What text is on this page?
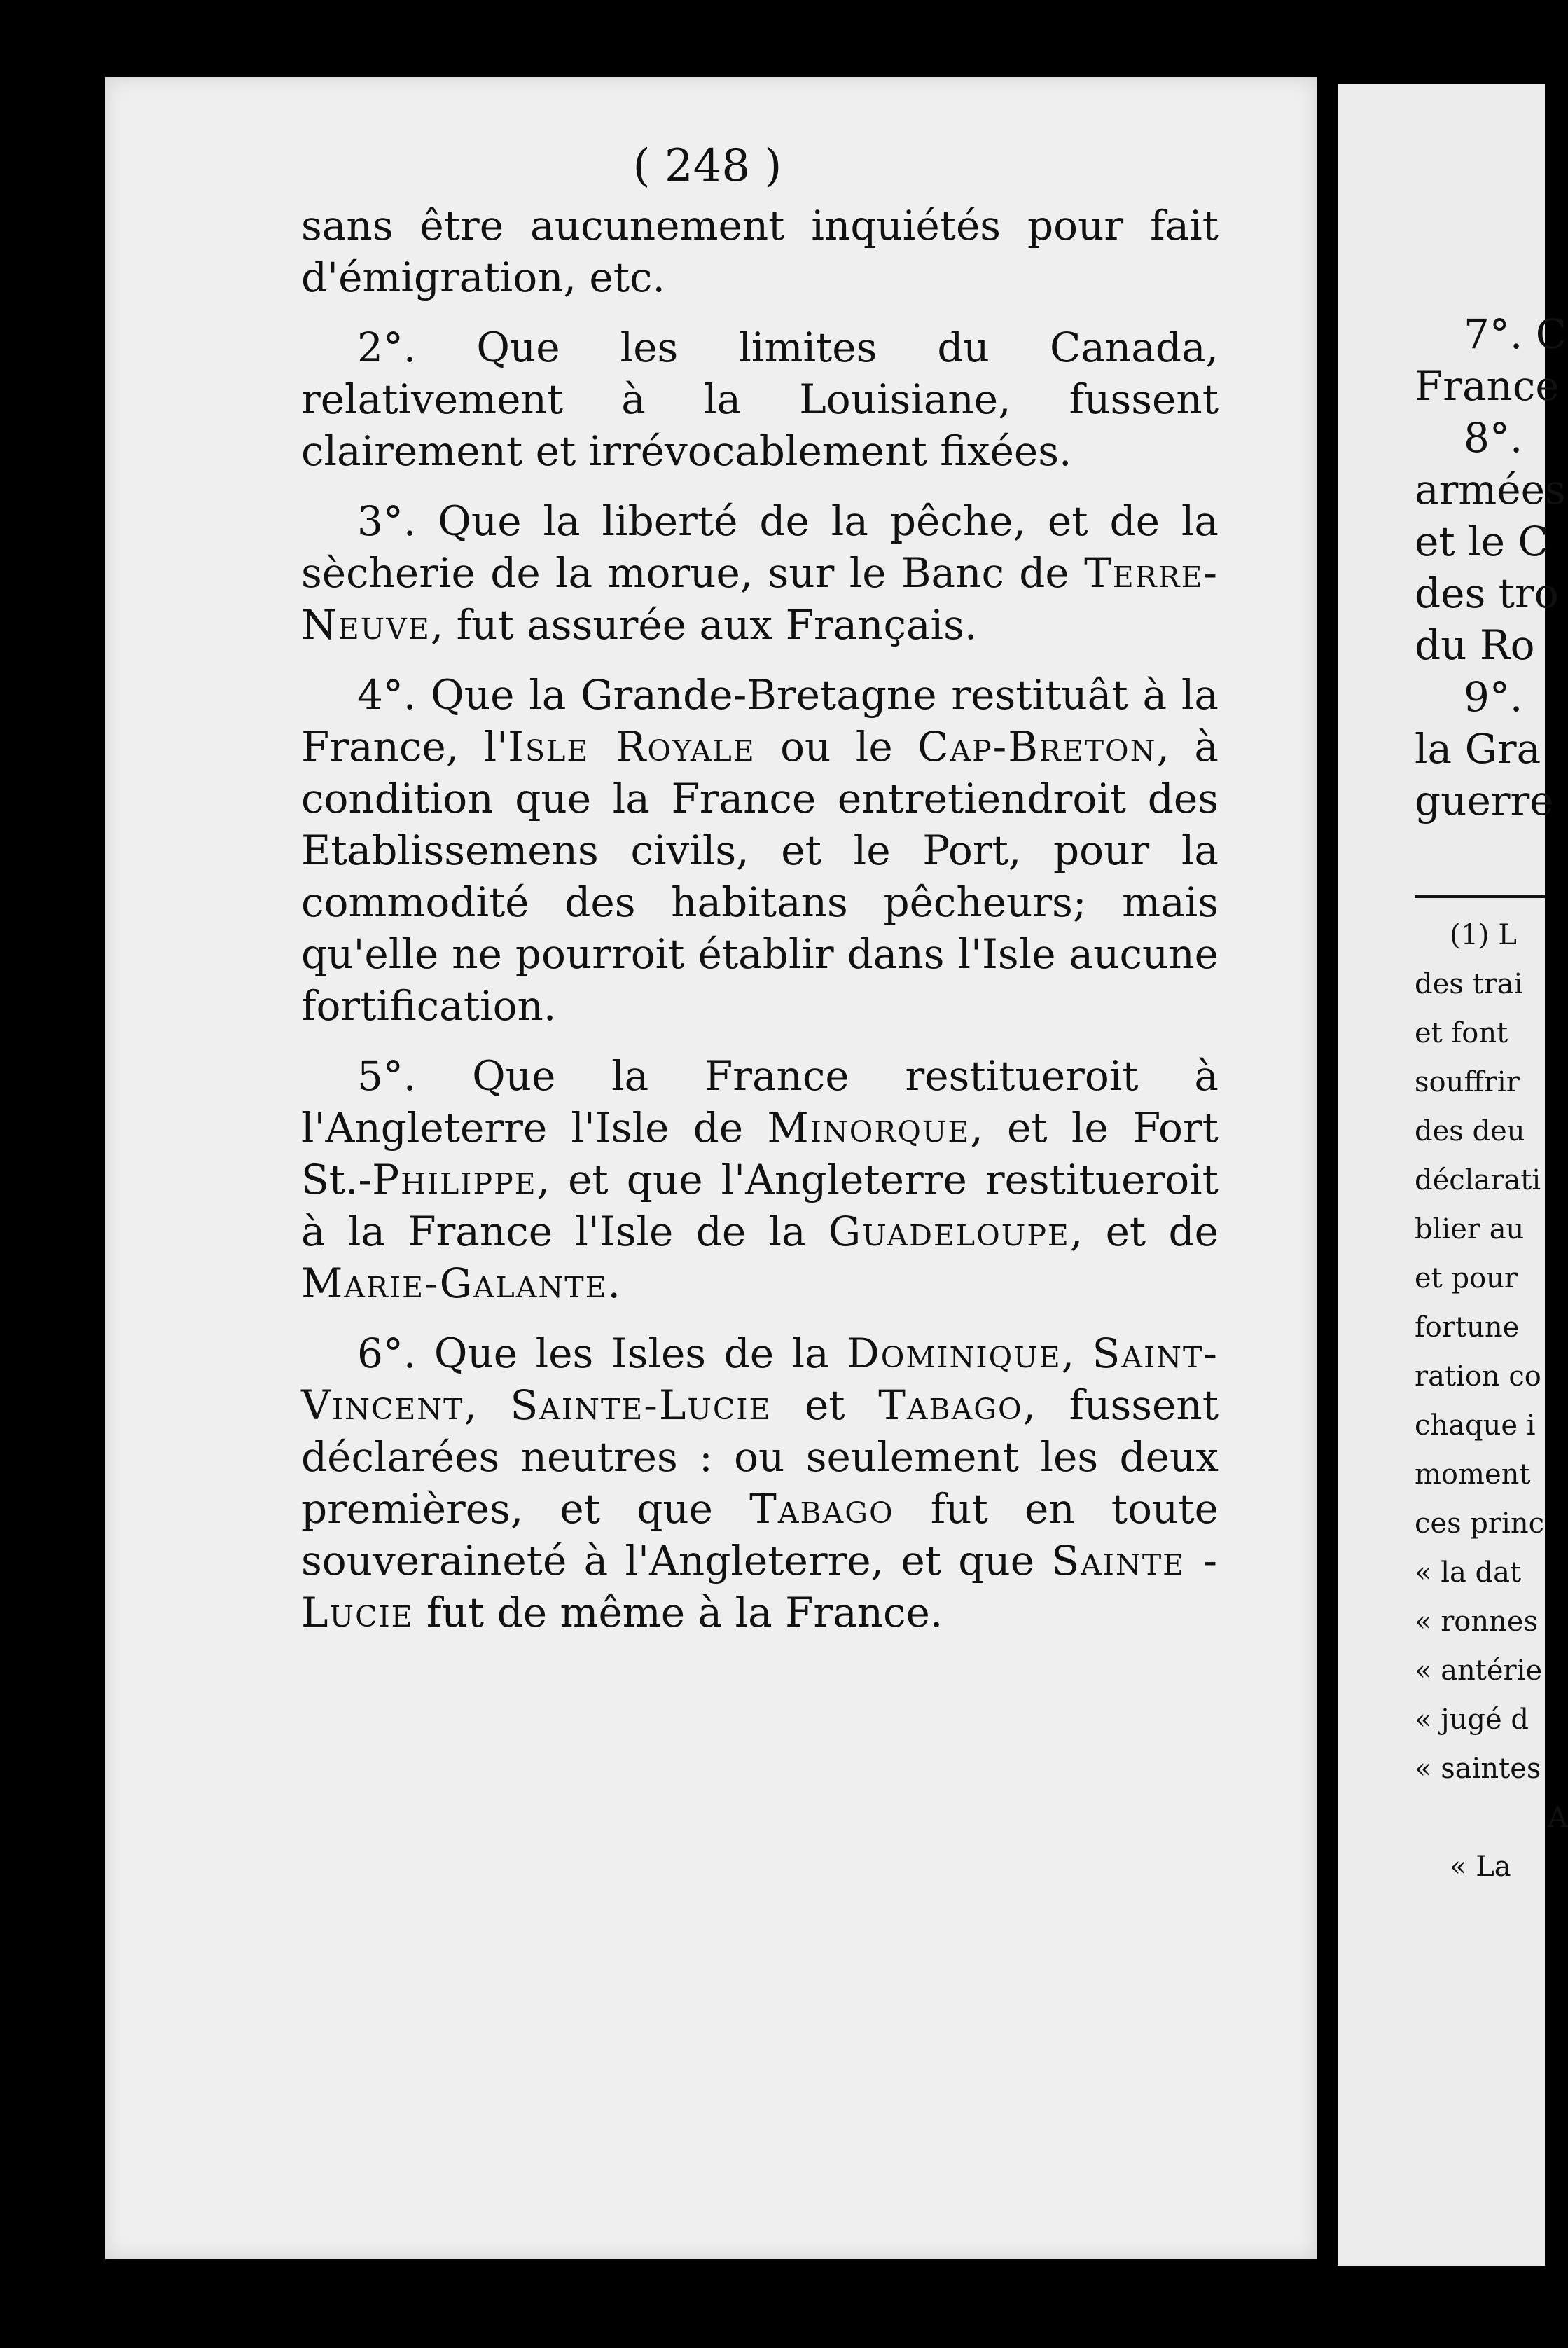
( 248 )

sans être aucunement inquiétés pour fait d'émigration, etc.

2°. Que les limites du Canada, relativement à la Louisiane, fussent clairement et irrévocablement fixées.

3°. Que la liberté de la pêche, et de la sècherie de la morue, sur le Banc de Terre-Neuve, fut assurée aux Français.

4°. Que la Grande-Bretagne restituât à la France, l'Isle Royale ou le Cap-Breton, à condition que la France entretiendroit des Etablissemens civils, et le Port, pour la commodité des habitans pêcheurs; mais qu'elle ne pourroit établir dans l'Isle aucune fortification.

5°. Que la France restitueroit à l'Angleterre l'Isle de Minorque, et le Fort St.-Philippe, et que l'Angleterre restitueroit à la France l'Isle de la Guadeloupe, et de Marie-Galante.

6°. Que les Isles de la Dominique, Saint-Vincent, Sainte-Lucie et Tabago, fussent déclarées neutres : ou seulement les deux premières, et que Tabago fut en toute souveraineté à l'Angleterre, et que Sainte - Lucie fut de même à la France.

7°. C
France
8°.
armées
et le C
des tro
du Ro
9°.
la Gra
guerre
(1) L
des trai
et font
souffrir
des deu
déclarati
blier au
et pour
fortune
ration co
chaque i
moment
ces princ
« la dat
« ronnes
« antérie
« jugé d
« saintes
A
« La
